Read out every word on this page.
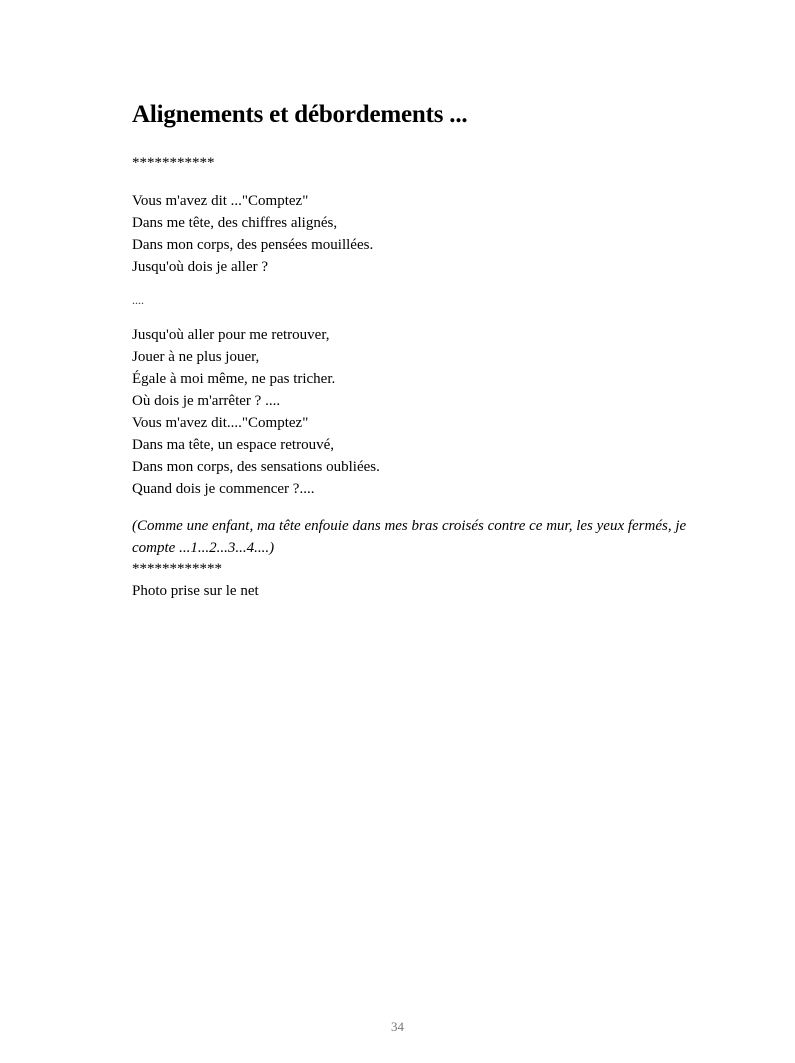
Alignements et débordements ...
***********
Vous m'avez dit ..."Comptez"
Dans me tête, des chiffres alignés,
Dans mon corps, des pensées mouillées.
Jusqu'où dois je aller ?
....
Jusqu'où aller pour me retrouver,
Jouer à ne plus jouer,
Égale à moi même, ne pas tricher.
Où dois je m'arrêter ? ....
Vous m'avez dit...."Comptez"
Dans ma tête, un espace retrouvé,
Dans mon corps, des sensations oubliées.
Quand dois je commencer ?....
(Comme une enfant, ma tête enfouie dans mes bras croisés contre ce mur, les yeux fermés, je compte ...1...2...3...4....)
************
Photo prise sur le net
34
